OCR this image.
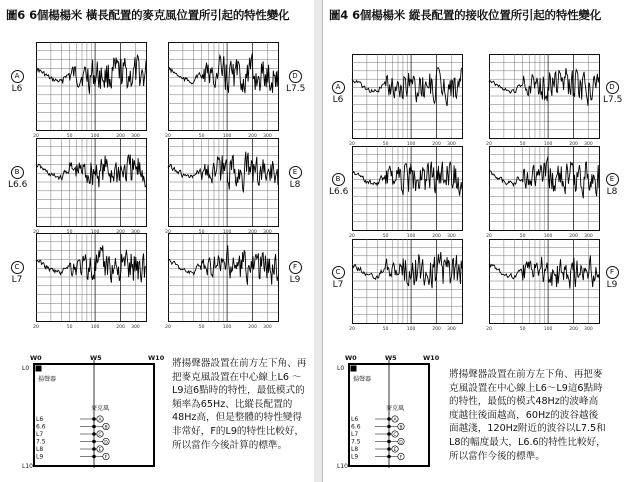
圖6 6個楊楊米 橫長配置的麥克風位置所引起的特性變化
20	50	100	200 300
20	50	100	200 300
20	50	100	200 300
20	50	100	200 300
20	50	100	200 300
20	50	100	200 300
A
L6
B
L6.6
C
L7
D
L7.5
E
L8
F
L9
將揚聲器設置在前方左下角、再
把麥克風設置在中心線上L6 ～
L9這6點時的特性，最低模式的
頻率為65Hz、比縱長配置的
48Hz高，但是整體的特性變得
非常好，F的L9的特性比較好，
所以當作今後計算的標準。
W0	W5	W10
L0
揚聲器
麥克風
L6	A
6.6	B
L7	C
7.5	D
L8	E
L9	F
L10
圖4 6個楊楊米 縱長配置的接收位置所引起的特性變化
20	50	100	200 300
20	50	100	200 300
20	50	100	200 300
20	50	100	200 300
20	50	100	200 300
20	50	100	200 300
A
L6
B
L6.6
C
L7
D
L7.5
E
L8
F
L9
將揚聲器設置在前方左下角、再把麥
克風設置在中心線上L6～L9這6點時
的特性，最低的模式48Hz的波峰高
度越往後面越高，60Hz的波谷越後
面越淺，120Hz附近的波谷以L7.5和
L8的幅度最大，L6.6的特性比較好，
所以當作今後的標準。
W0	W5	W10
L0
揚聲器
麥克風
L6	A
6.6	B
L7	C
7.5	D
L8	E
L9	F
L10
